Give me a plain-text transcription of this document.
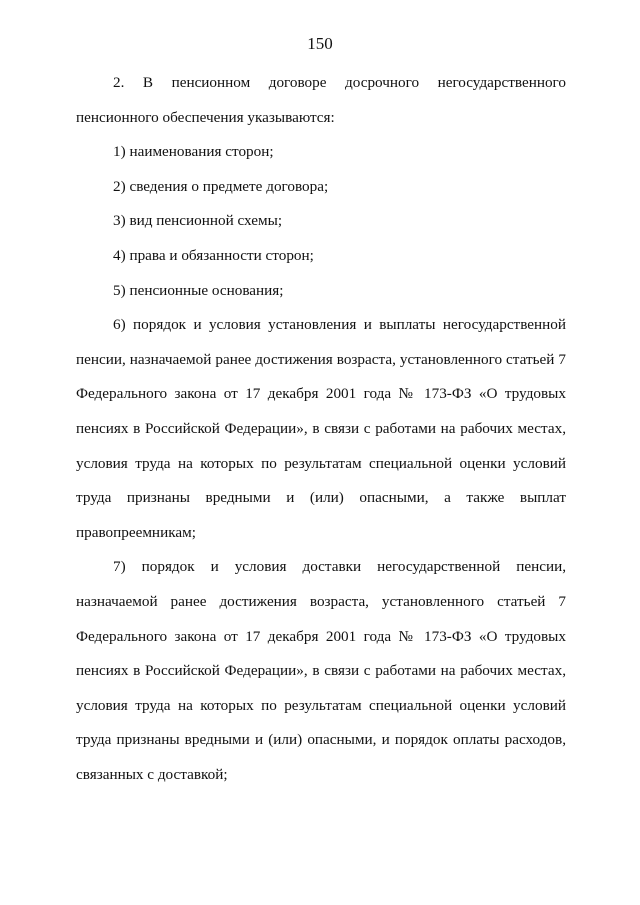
150

2. В пенсионном договоре досрочного негосударственного пенсионного обеспечения указываются:

1) наименования сторон;

2) сведения о предмете договора;

3) вид пенсионной схемы;

4) права и обязанности сторон;

5) пенсионные основания;

6) порядок и условия установления и выплаты негосударственной пенсии, назначаемой ранее достижения возраста, установленного статьей 7 Федерального закона от 17 декабря 2001 года № 173-ФЗ «О трудовых пенсиях в Российской Федерации», в связи с работами на рабочих местах, условия труда на которых по результатам специальной оценки условий труда признаны вредными и (или) опасными, а также выплат правопреемникам;

7) порядок и условия доставки негосударственной пенсии, назначаемой ранее достижения возраста, установленного статьей 7 Федерального закона от 17 декабря 2001 года № 173-ФЗ «О трудовых пенсиях в Российской Федерации», в связи с работами на рабочих местах, условия труда на которых по результатам специальной оценки условий труда признаны вредными и (или) опасными, и порядок оплаты расходов, связанных с доставкой;
